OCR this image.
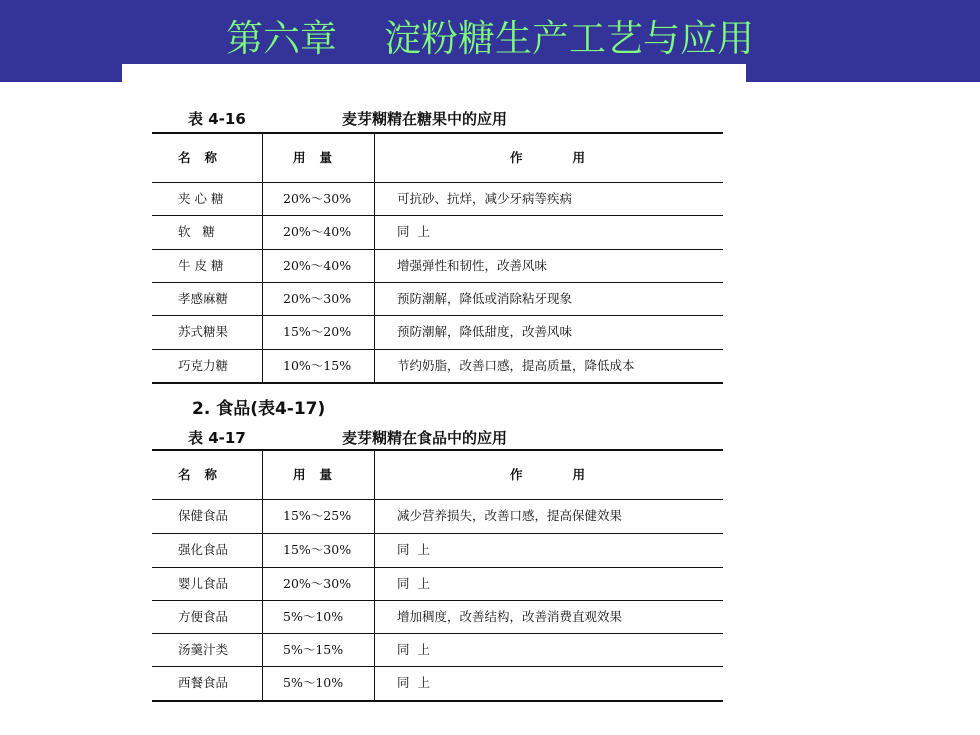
第六章    淀粉糖生产工艺与应用
表 4-16	麦芽糊精在糖果中的应用
名称	用量	作用
夹 心 糖	20%～30%	可抗砂、抗烊，减少牙病等疾病
软   糖	20%～40%	同  上
牛 皮 糖	20%～40%	增强弹性和韧性，改善风味
孝感麻糖	20%～30%	预防潮解，降低或消除粘牙现象
苏式糖果	15%～20%	预防潮解，降低甜度，改善风味
巧克力糖	10%～15%	节约奶脂，改善口感，提高质量，降低成本
2. 食品(表4-17)
表 4-17	麦芽糊精在食品中的应用
名称	用量	作用
保健食品	15%～25%	减少营养损失，改善口感，提高保健效果
强化食品	15%～30%	同  上
婴儿食品	20%～30%	同  上
方便食品	5%～10%	增加稠度，改善结构，改善消费直观效果
汤羹汁类	5%～15%	同  上
西餐食品	5%～10%	同  上
